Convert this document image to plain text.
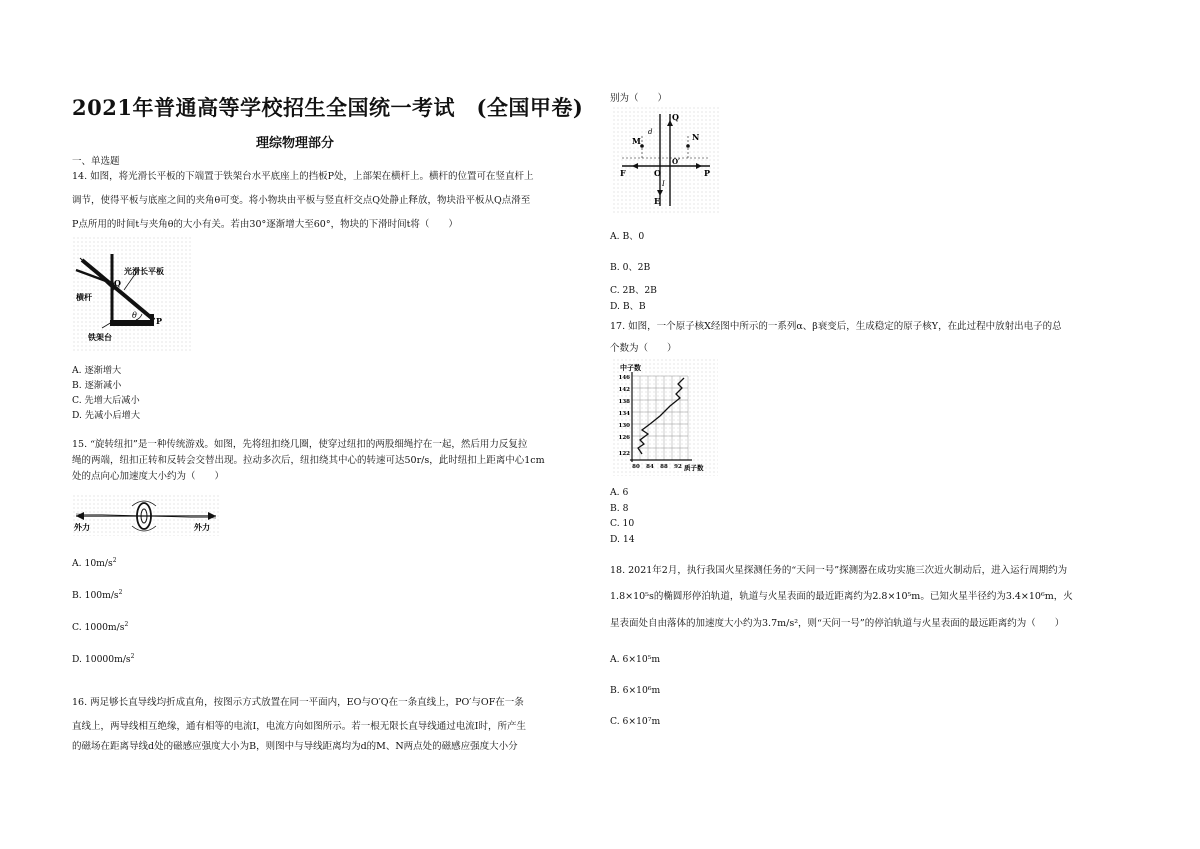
2021年普通高等学校招生全国统一考试　(全国甲卷)
理综物理部分
一、单选题
14. 如图，将光滑长平板的下端置于铁架台水平底座上的挡板P处，上部架在横杆上。横杆的位置可在竖直杆上
调节，使得平板与底座之间的夹角θ可变。将小物块由平板与竖直杆交点Q处静止释放，物块沿平板从Q点滑至
P点所用的时间t与夹角θ的大小有关。若由30°逐渐增大至60°，物块的下滑时间t将（　　）
光滑长平板
横杆
铁架台
Q
P
θ
A. 逐渐增大
B. 逐渐减小
C. 先增大后减小
D. 先减小后增大
15. “旋转纽扣”是一种传统游戏。如图，先将纽扣绕几圈，使穿过纽扣的两股细绳拧在一起，然后用力反复拉
绳的两端，纽扣正转和反转会交替出现。拉动多次后，纽扣绕其中心的转速可达50r/s，此时纽扣上距离中心1cm
处的点向心加速度大小约为（　　）
外力	外力
A. $10m/s^2$
B. $100m/s^2$
C. $1000m/s^2$
D. $10000m/s^2$
16. 两足够长直导线均折成直角，按图示方式放置在同一平面内，EO与O′Q在一条直线上，PO′与OF在一条
直线上，两导线相互绝缘，通有相等的电流I，电流方向如图所示。若一根无限长直导线通过电流I时，所产生
的磁场在距离导线d处的磁感应强度大小为B，则图中与导线距离均为d的M、N两点处的磁感应强度大小分
别为（　　）
Q
M	N
F	O
O′
P
E
d
I
A. B、0
B. 0、2B
C. 2B、2B
D. B、B
17. 如图，一个原子核X经图中所示的一系列α、β衰变后，生成稳定的原子核Y，在此过程中放射出电子的总
个数为（　　）
中子数
146
142
138
134
130
126
122
80 84 88 92 质子数
A. 6
B. 8
C. 10
D. 14
18. 2021年2月，执行我国火星探测任务的“天问一号”探测器在成功实施三次近火制动后，进入运行周期约为
1.8×10⁵s的椭圆形停泊轨道，轨道与火星表面的最近距离约为2.8×10⁵m。已知火星半径约为3.4×10⁶m，火
星表面处自由落体的加速度大小约为3.7m/s²，则“天问一号”的停泊轨道与火星表面的最远距离约为（　　）
A. 6×10⁵m
B. 6×10⁶m
C. 6×10⁷m
